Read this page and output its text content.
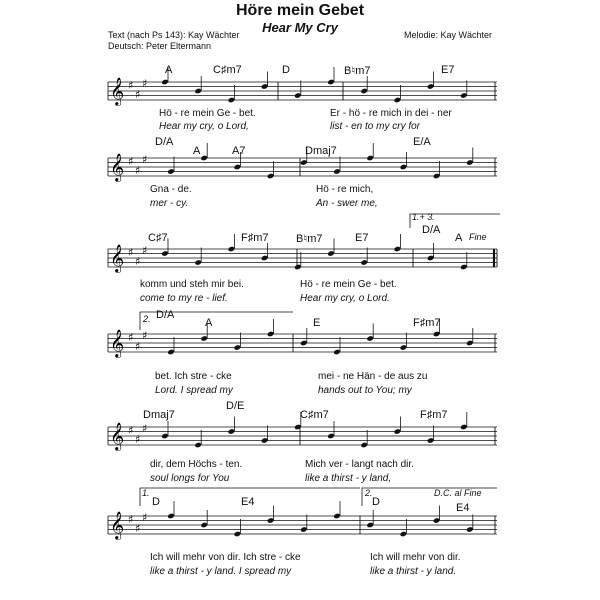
Höre mein Gebet
Hear My Cry
Text (nach Ps 143): Kay Wächter
Deutsch: Peter Eltermann
Melodie: Kay Wächter
𝄞 ♯
♯
♯
𝄞 ♯
♯
♯
𝄞 ♯
♯
♯
𝄞 ♯
♯
♯
𝄞 ♯
♯
♯
𝄞 ♯
♯
♯
A	C♯m7	D	B♮m7	E7
Hö - re mein Ge - bet.	Er - hö - re mich in dei - ner
Hear my cry, o Lord,	list - en to my cry for
D/A
A	A7	Dmaj7
E/A
Gna - de.	Hö - re mich,
mer - cy.	An - swer me,
1.+ 3.
C♯7	F♯m7	B♮m7	E7
D/A
A Fine
komm und steh mir bei.	Hö - re mein Ge - bet.
come to my re - lief.	Hear my cry, o Lord.
2. D/A
A	E	F♯m7
bet. Ich stre - cke	mei - ne Hän - de aus zu
Lord. I spread my	hands out to You; my
Dmaj7
D/E
C♯m7	F♯m7
dir, dem Höchs - ten.	Mich ver - langt nach dir.
soul longs for You	like a thirst - y land,
1.	2.	D.C. al Fine
D	E4	D	E4
Ich will mehr von dir. Ich stre - cke	Ich will mehr von dir.
like a thirst - y land. I spread my	like a thirst - y land.
